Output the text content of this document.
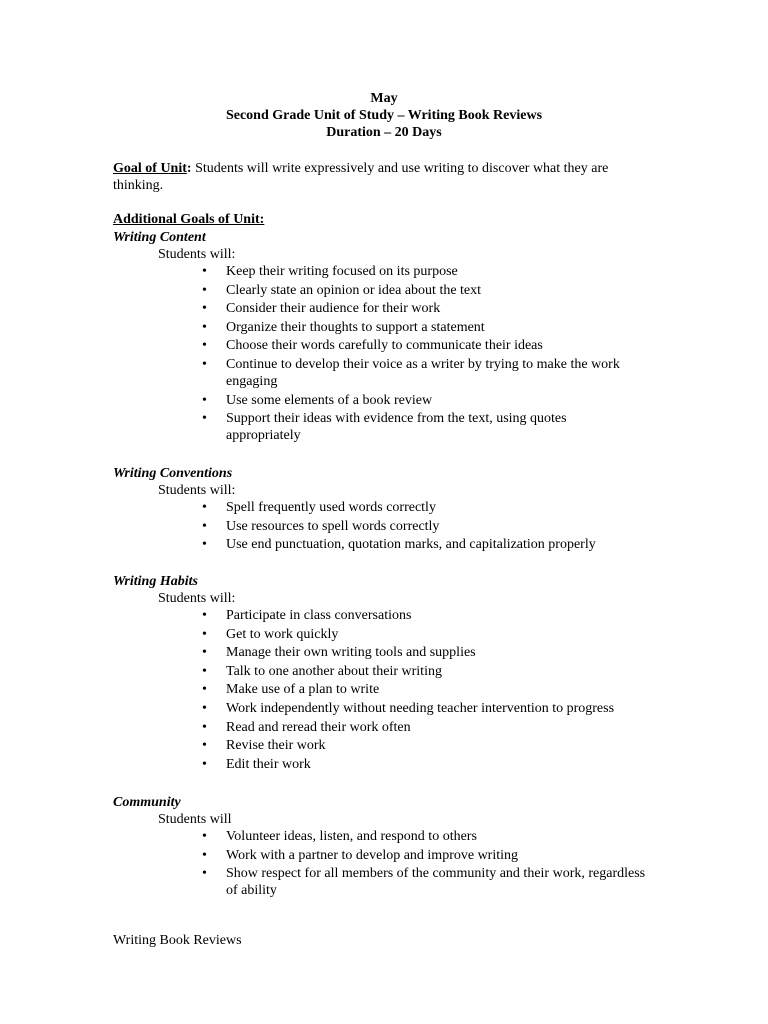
May
Second Grade Unit of Study – Writing Book Reviews
Duration – 20 Days
Goal of Unit: Students will write expressively and use writing to discover what they are thinking.
Additional Goals of Unit:
Writing Content
Students will:
• Keep their writing focused on its purpose
• Clearly state an opinion or idea about the text
• Consider their audience for their work
• Organize their thoughts to support a statement
• Choose their words carefully to communicate their ideas
• Continue to develop their voice as a writer by trying to make the work engaging
• Use some elements of a book review
• Support their ideas with evidence from the text, using quotes appropriately
Writing Conventions
Students will:
• Spell frequently used words correctly
• Use resources to spell words correctly
• Use end punctuation, quotation marks, and capitalization properly
Writing Habits
Students will:
• Participate in class conversations
• Get to work quickly
• Manage their own writing tools and supplies
• Talk to one another about their writing
• Make use of a plan to write
• Work independently without needing teacher intervention to progress
• Read and reread their work often
• Revise their work
• Edit their work
Community
Students will
• Volunteer ideas, listen, and respond to others
• Work with a partner to develop and improve writing
• Show respect for all members of the community and their work, regardless of ability
Writing Book Reviews
